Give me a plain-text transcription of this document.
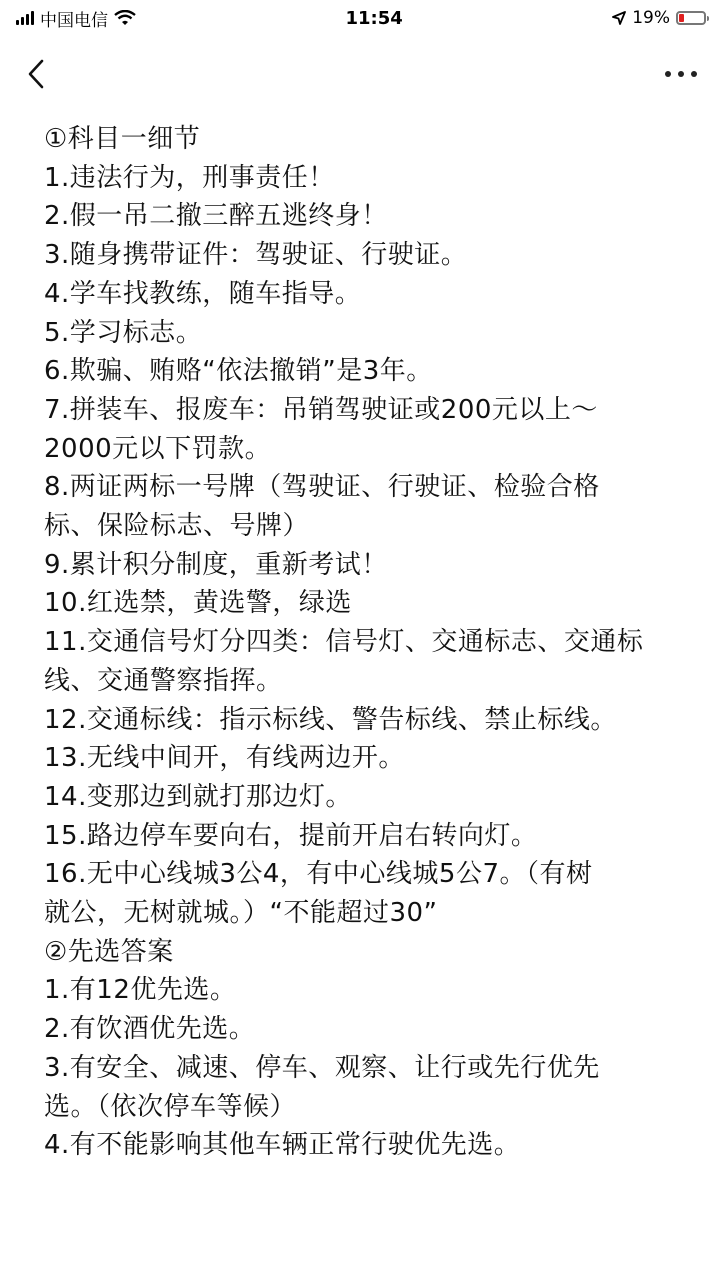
中国电信	11:54	19%
①科目一细节
1.违法行为，刑事责任！
2.假一吊二撤三醉五逃终身！
3.随身携带证件：驾驶证、行驶证。
4.学车找教练，随车指导。
5.学习标志。
6.欺骗、贿赂“依法撤销”是3年。
7.拼装车、报废车：吊销驾驶证或200元以上～
2000元以下罚款。
8.两证两标一号牌（驾驶证、行驶证、检验合格
标、保险标志、号牌）
9.累计积分制度，重新考试！
10.红选禁，黄选警，绿选
11.交通信号灯分四类：信号灯、交通标志、交通标
线、交通警察指挥。
12.交通标线：指示标线、警告标线、禁止标线。
13.无线中间开，有线两边开。
14.变那边到就打那边灯。
15.路边停车要向右，提前开启右转向灯。
16.无中心线城3公4，有中心线城5公7。（有树
就公，无树就城。）“不能超过30”
②先选答案
1.有12优先选。
2.有饮酒优先选。
3.有安全、减速、停车、观察、让行或先行优先
选。（依次停车等候）
4.有不能影响其他车辆正常行驶优先选。
